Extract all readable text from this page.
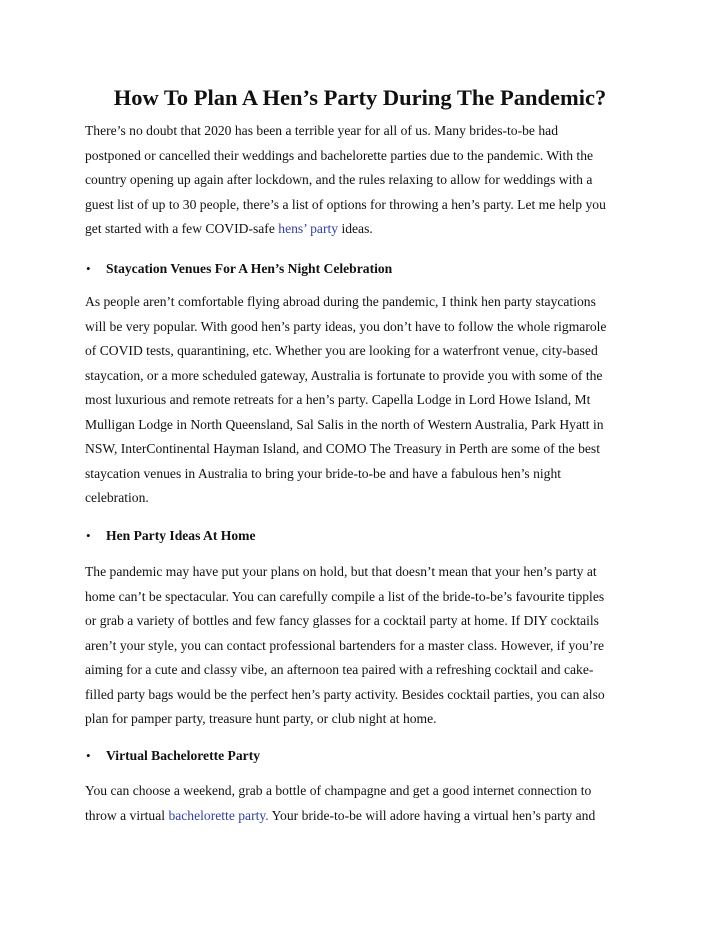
How To Plan A Hen’s Party During The Pandemic?
There’s no doubt that 2020 has been a terrible year for all of us. Many brides-to-be had
postponed or cancelled their weddings and bachelorette parties due to the pandemic. With the
country opening up again after lockdown, and the rules relaxing to allow for weddings with a
guest list of up to 30 people, there’s a list of options for throwing a hen’s party. Let me help you
get started with a few COVID-safe hens’ party ideas.
• Staycation Venues For A Hen’s Night Celebration
As people aren’t comfortable flying abroad during the pandemic, I think hen party staycations
will be very popular. With good hen’s party ideas, you don’t have to follow the whole rigmarole
of COVID tests, quarantining, etc. Whether you are looking for a waterfront venue, city-based
staycation, or a more scheduled gateway, Australia is fortunate to provide you with some of the
most luxurious and remote retreats for a hen’s party. Capella Lodge in Lord Howe Island, Mt
Mulligan Lodge in North Queensland, Sal Salis in the north of Western Australia, Park Hyatt in
NSW, InterContinental Hayman Island, and COMO The Treasury in Perth are some of the best
staycation venues in Australia to bring your bride-to-be and have a fabulous hen’s night
celebration.
• Hen Party Ideas At Home
The pandemic may have put your plans on hold, but that doesn’t mean that your hen’s party at
home can’t be spectacular. You can carefully compile a list of the bride-to-be’s favourite tipples
or grab a variety of bottles and few fancy glasses for a cocktail party at home. If DIY cocktails
aren’t your style, you can contact professional bartenders for a master class. However, if you’re
aiming for a cute and classy vibe, an afternoon tea paired with a refreshing cocktail and cake-
filled party bags would be the perfect hen’s party activity. Besides cocktail parties, you can also
plan for pamper party, treasure hunt party, or club night at home.
• Virtual Bachelorette Party
You can choose a weekend, grab a bottle of champagne and get a good internet connection to
throw a virtual bachelorette party. Your bride-to-be will adore having a virtual hen’s party and
